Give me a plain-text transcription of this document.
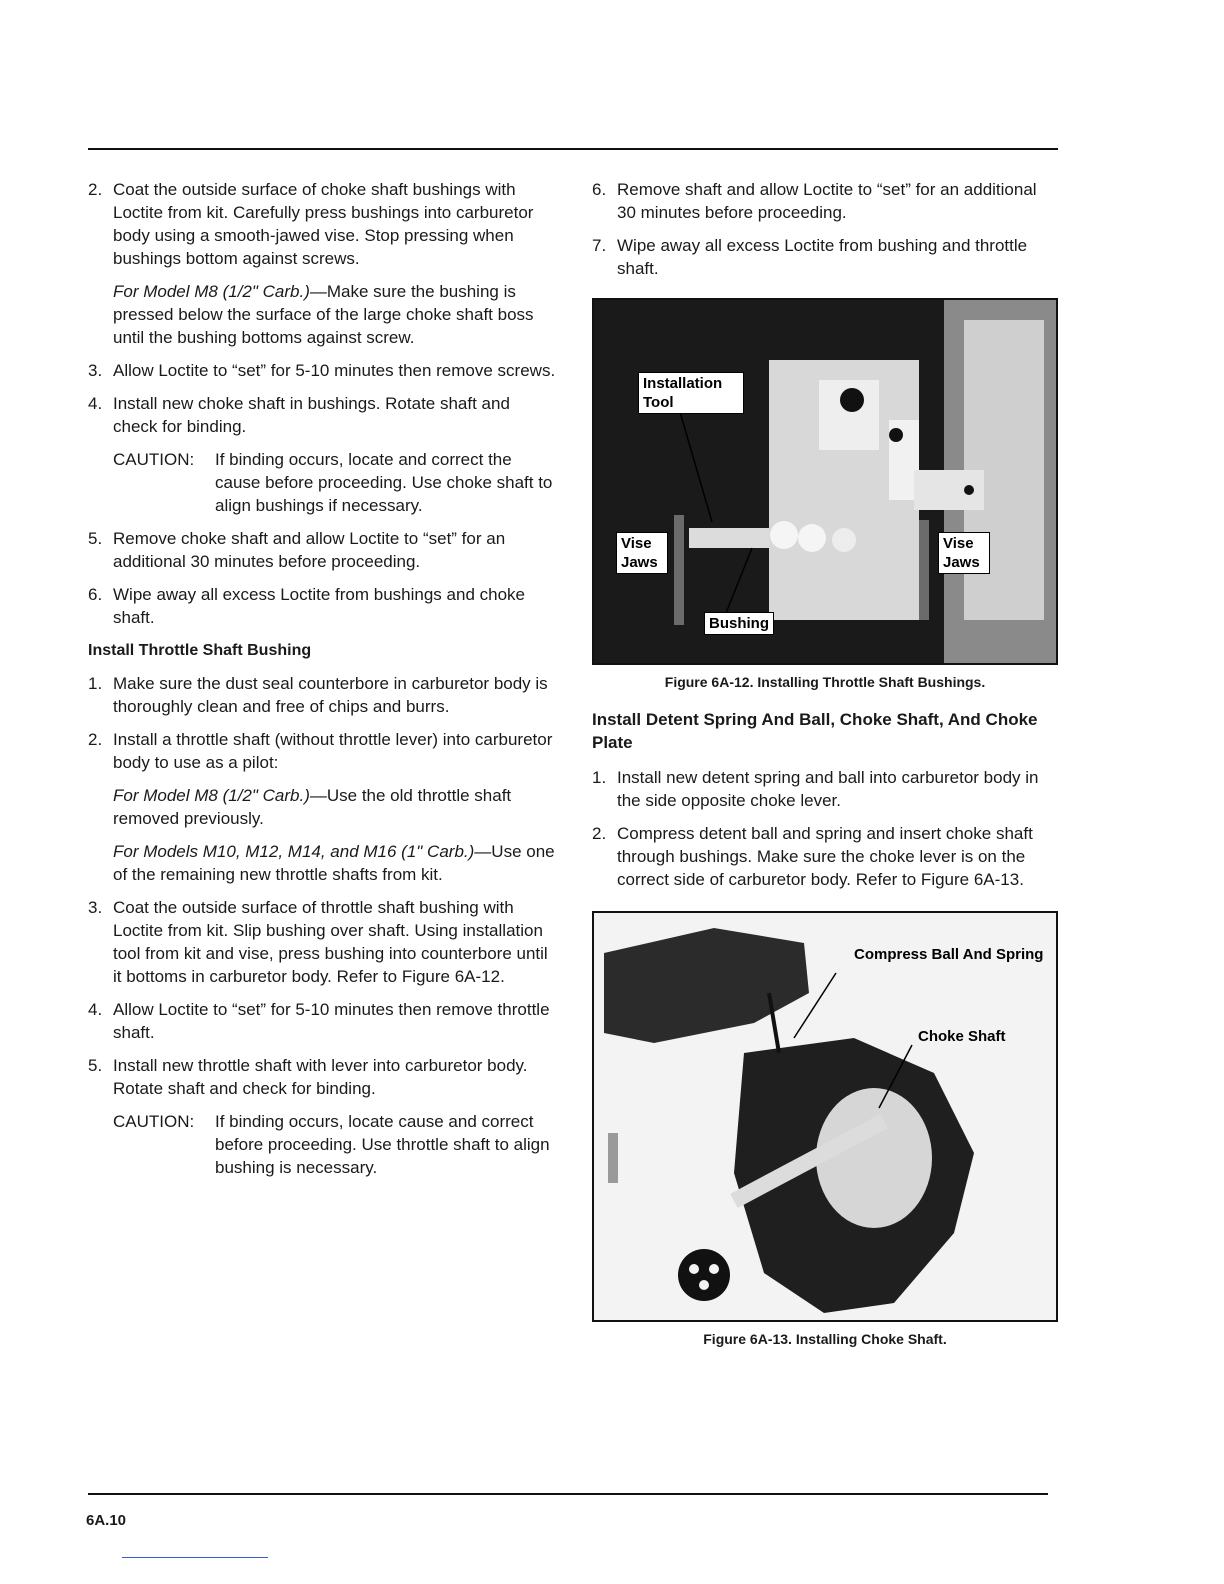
2. Coat the outside surface of choke shaft bushings with Loctite from kit. Carefully press bushings into carburetor body using a smooth-jawed vise. Stop pressing when bushings bottom against screws.
For Model M8 (1/2" Carb.)—Make sure the bushing is pressed below the surface of the large choke shaft boss until the bushing bottoms against screw.
3. Allow Loctite to “set” for 5-10 minutes then remove screws.
4. Install new choke shaft in bushings. Rotate shaft and check for binding.
CAUTION:	If binding occurs, locate and correct the cause before proceeding. Use choke shaft to align bushings if necessary.
5. Remove choke shaft and allow Loctite to “set” for an additional 30 minutes before proceeding.
6. Wipe away all excess Loctite from bushings and choke shaft.
Install Throttle Shaft Bushing
1. Make sure the dust seal counterbore in carburetor body is thoroughly clean and free of chips and burrs.
2. Install a throttle shaft (without throttle lever) into carburetor body to use as a pilot:
For Model M8 (1/2" Carb.)—Use the old throttle shaft removed previously.
For Models M10, M12, M14, and M16 (1" Carb.)—Use one of the remaining new throttle shafts from kit.
3. Coat the outside surface of throttle shaft bushing with Loctite from kit. Slip bushing over shaft. Using installation tool from kit and vise, press bushing into counterbore until it bottoms in carburetor body. Refer to Figure 6A-12.
4. Allow Loctite to “set” for 5-10 minutes then remove throttle shaft.
5. Install new throttle shaft with lever into carburetor body. Rotate shaft and check for binding.
CAUTION:	If binding occurs, locate cause and correct before proceeding. Use throttle shaft to align bushing is necessary.
6. Remove shaft and allow Loctite to “set” for an additional 30 minutes before proceeding.
7. Wipe away all excess Loctite from bushing and throttle shaft.
Installation Tool
Vise Jaws
Vise Jaws
Bushing
Figure 6A-12. Installing Throttle Shaft Bushings.
Install Detent Spring And Ball, Choke Shaft, And Choke Plate
1. Install new detent spring and ball into carburetor body in the side opposite choke lever.
2. Compress detent ball and spring and insert choke shaft through bushings. Make sure the choke lever is on the correct side of carburetor body. Refer to Figure 6A-13.
Compress Ball And Spring
Choke Shaft
Figure 6A-13. Installing Choke Shaft.
6A.10
